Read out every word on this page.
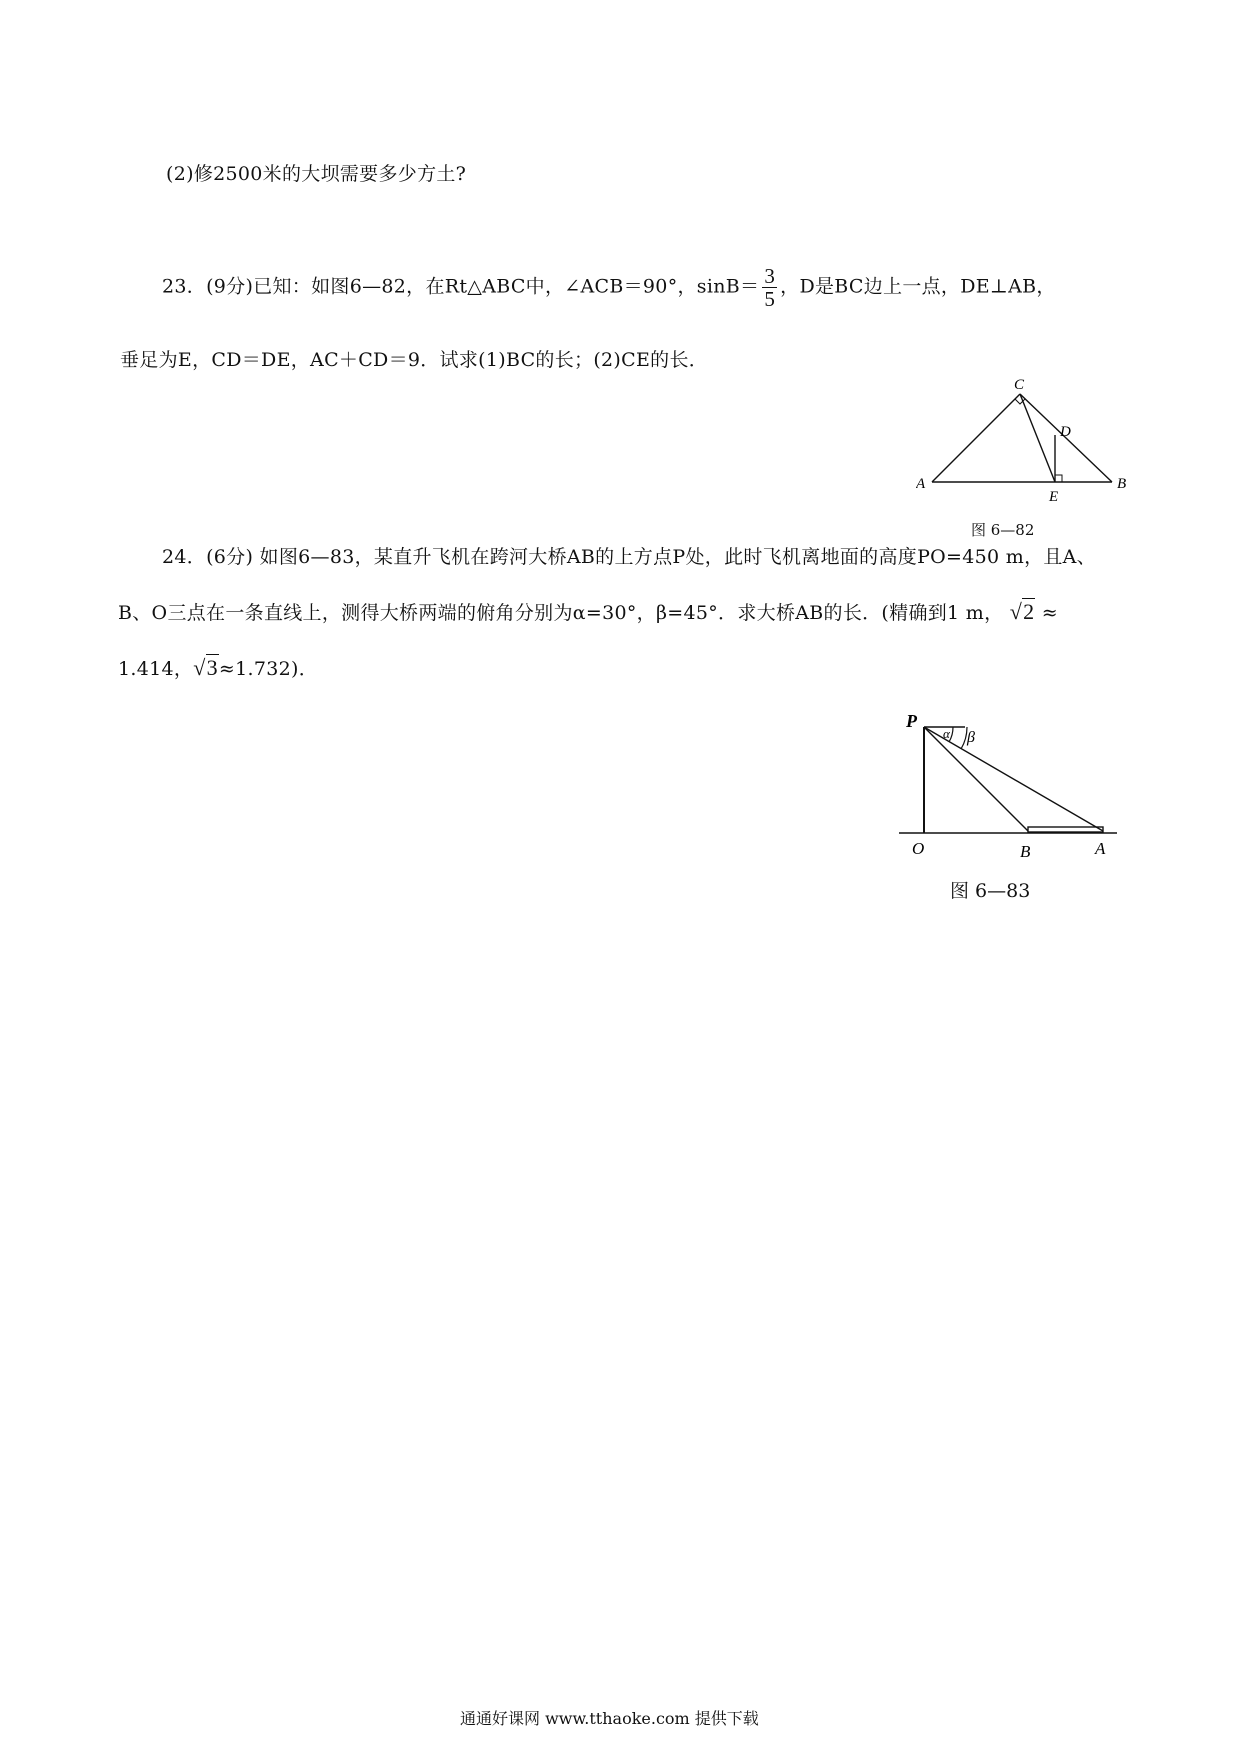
(2)修2500米的大坝需要多少方土?
23．(9分)已知：如图6—82，在Rt△ABC中，∠ACB＝90°，$\sin B= \frac{3}{5}$ ，D是BC边上一点，DE⊥AB，
垂足为E，CD＝DE，AC＋CD＝9．试求(1)BC的长；(2)CE的长．
A	B
C
D
E
图 6—82
24．(6分) 如图6—83，某直升飞机在跨河大桥AB的上方点P处，此时飞机离地面的高度PO=450 m，且A、
B、O三点在一条直线上，测得大桥两端的俯角分别为α=30°，β=45°．求大桥AB的长．(精确到1 m， √2 ≈
1.414，√3≈1.732)．
P
α β
O	B	A
图 6—83
通通好课网 www.tthaoke.com 提供下载
